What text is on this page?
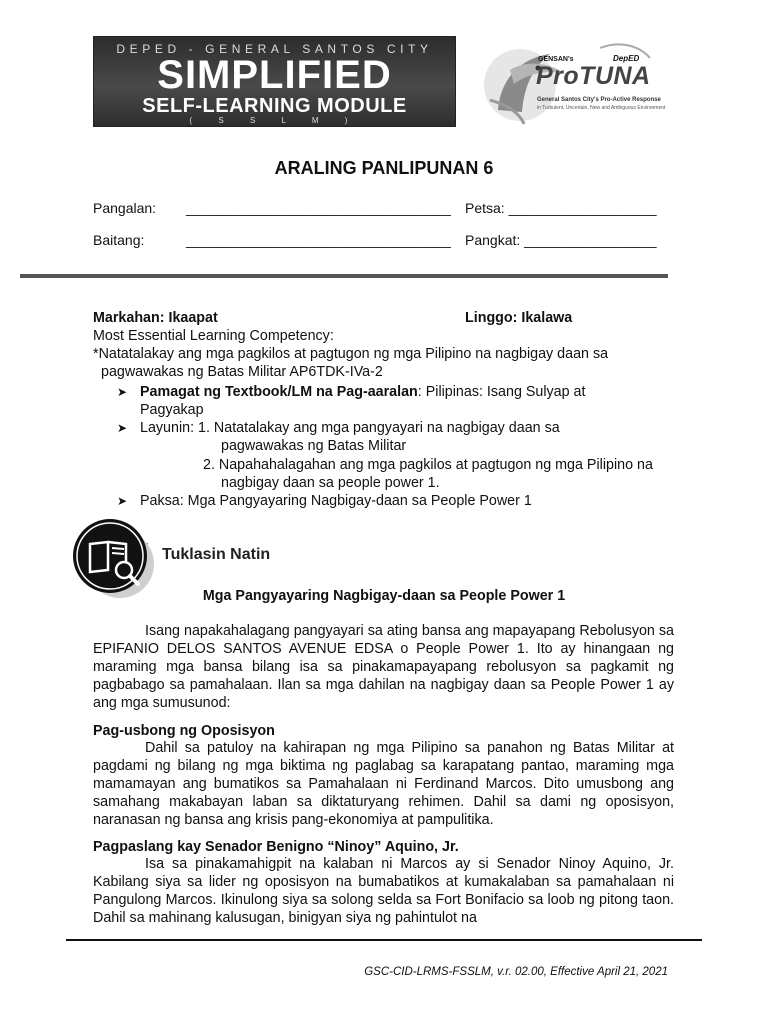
DEPED - GENERAL SANTOS CITY
SIMPLIFIED
SELF-LEARNING MODULE
( S S L M )
GENSAN's	DepED
ProTUNA
General Santos City's Pro-Active Response
in Turbulent, Uncertain, New and Ambiguous Environment
ARALING PANLIPUNAN 6
Pangalan: __________________________________ Petsa: ___________________
Baitang:	__________________________________ Pangkat: _________________
Markahan: Ikaapat	Linggo: Ikalawa
Most Essential Learning Competency:
*Natatalakay ang mga pagkilos at pagtugon ng mga Pilipino na nagbigay daan sa
pagwawakas ng Batas Militar AP6TDK-IVa-2
➤ Pamagat ng Textbook/LM na Pag-aaralan: Pilipinas: Isang Sulyap at
Pagyakap
➤ Layunin: 1. Natatalakay ang mga pangyayari na nagbigay daan sa
pagwawakas ng Batas Militar
2. Napahahalagahan ang mga pagkilos at pagtugon ng mga Pilipino na
nagbigay daan sa people power 1.
➤ Paksa: Mga Pangyayaring Nagbigay-daan sa People Power 1
Tuklasin Natin
Mga Pangyayaring Nagbigay-daan sa People Power 1

Isang napakahalagang pangyayari sa ating bansa ang mapayapang Rebolusyon sa EPIFANIO DELOS SANTOS AVENUE EDSA o People Power 1. Ito ay hinangaan ng maraming mga bansa bilang isa sa pinakamapayapang rebolusyon sa pagkamit ng pagbabago sa pamahalaan. Ilan sa mga dahilan na nagbigay daan sa People Power 1 ay ang mga sumusunod:

Pag-usbong ng Oposisyon

Dahil sa patuloy na kahirapan ng mga Pilipino sa panahon ng Batas Militar at pagdami ng bilang ng mga biktima ng paglabag sa karapatang pantao, maraming mga mamamayan ang bumatikos sa Pamahalaan ni Ferdinand Marcos. Dito umusbong ang samahang makabayan laban sa diktaturyang rehimen. Dahil sa dami ng oposisyon, naranasan ng bansa ang krisis pang-ekonomiya at pampulitika.

Pagpaslang kay Senador Benigno “Ninoy” Aquino, Jr.

Isa sa pinakamahigpit na kalaban ni Marcos ay si Senador Ninoy Aquino, Jr. Kabilang siya sa lider ng oposisyon na bumabatikos at kumakalaban sa pamahalaan ni Pangulong Marcos. Ikinulong siya sa solong selda sa Fort Bonifacio sa loob ng pitong taon. Dahil sa mahinang kalusugan, binigyan siya ng pahintulot na

GSC-CID-LRMS-FSSLM, v.r. 02.00, Effective April 21, 2021
